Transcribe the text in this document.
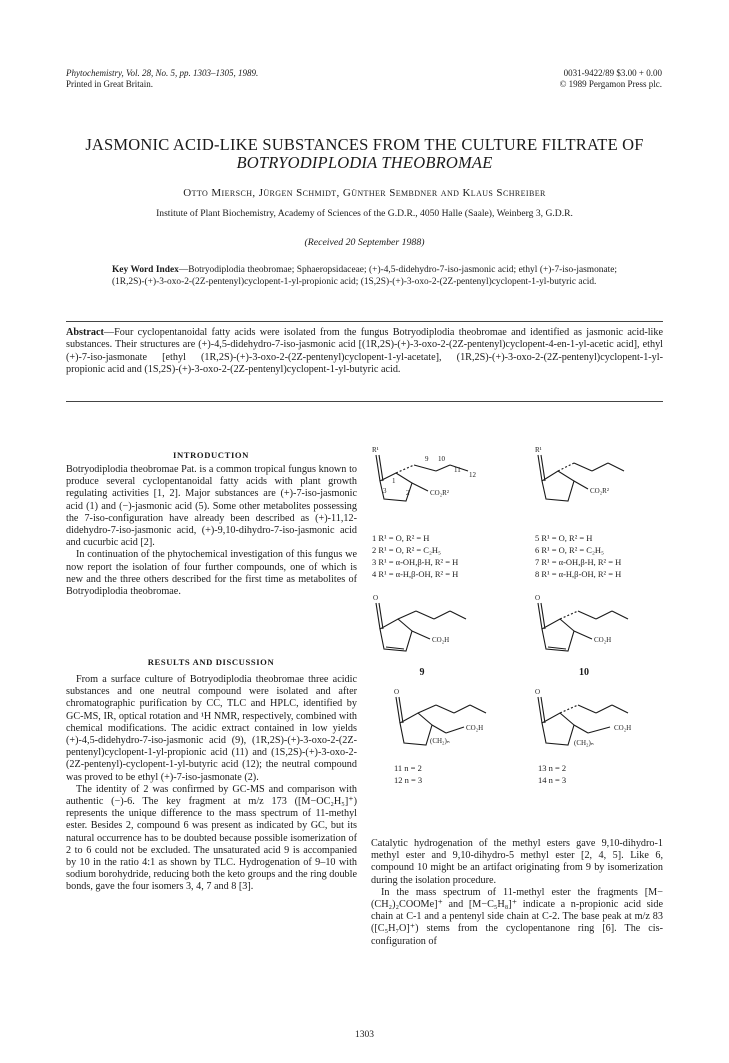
Phytochemistry, Vol. 28, No. 5, pp. 1303–1305, 1989.
Printed in Great Britain.
0031-9422/89 $3.00 + 0.00
© 1989 Pergamon Press plc.
JASMONIC ACID-LIKE SUBSTANCES FROM THE CULTURE FILTRATE OF
BOTRYODIPLODIA THEOBROMAE
Otto Miersch, Jürgen Schmidt, Günther Sembdner and Klaus Schreiber
Institute of Plant Biochemistry, Academy of Sciences of the G.D.R., 4050 Halle (Saale), Weinberg 3, G.D.R.
(Received 20 September 1988)
Key Word Index—Botryodiplodia theobromae; Sphaeropsidaceae; (+)-4,5-didehydro-7-iso-jasmonic acid; ethyl (+)-7-iso-jasmonate; (1R,2S)-(+)-3-oxo-2-(2Z-pentenyl)cyclopent-1-yl-propionic acid; (1S,2S)-(+)-3-oxo-2-(2Z-pentenyl)cyclopent-1-yl-butyric acid.
Abstract—Four cyclopentanoidal fatty acids were isolated from the fungus Botryodiplodia theobromae and identified as jasmonic acid-like substances. Their structures are (+)-4,5-didehydro-7-iso-jasmonic acid [(1R,2S)-(+)-3-oxo-2-(2Z-pentenyl)cyclopent-4-en-1-yl-acetic acid], ethyl (+)-7-iso-jasmonate [ethyl (1R,2S)-(+)-3-oxo-2-(2Z-pentenyl)cyclopent-1-yl-acetate], (1R,2S)-(+)-3-oxo-2-(2Z-pentenyl)cyclopent-1-yl-propionic acid and (1S,2S)-(+)-3-oxo-2-(2Z-pentenyl)cyclopent-1-yl-butyric acid.
INTRODUCTION

Botryodiplodia theobromae Pat. is a common tropical fungus known to produce several cyclopentanoidal fatty acids with plant growth regulating activities [1, 2]. Major substances are (+)-7-iso-jasmonic acid (1) and (−)-jasmonic acid (5). Some other metabolites possessing the 7-iso-configuration have already been described as (+)-11,12-didehydro-7-iso-jasmonic acid, (+)-9,10-dihydro-7-iso-jasmonic acid and cucurbic acid [2].

In continuation of the phytochemical investigation of this fungus we now report the isolation of four further compounds, one of which is new and the three others described for the first time as metabolites of Botryodiplodia theobromae.

RESULTS AND DISCUSSION

From a surface culture of Botryodiplodia theobromae three acidic substances and one neutral compound were isolated and after chromatographic purification by CC, TLC and HPLC, identified by GC-MS, IR, optical rotation and ¹H NMR, respectively, combined with chemical modifications. The acidic extract contained in low yields (+)-4,5-didehydro-7-iso-jasmonic acid (9), (1R,2S)-(+)-3-oxo-2-(2Z-pentenyl)cyclopent-1-yl-propionic acid (11) and (1S,2S)-(+)-3-oxo-2-(2Z-pentenyl)-cyclopent-1-yl-butyric acid (12); the neutral compound was proved to be ethyl (+)-7-iso-jasmonate (2).

The identity of 2 was confirmed by GC-MS and comparison with authentic (−)-6. The key fragment at m/z 173 ([M−OC₂H₅]⁺) represents the unique difference to the mass spectrum of 11-methyl ester. Besides 2, compound 6 was present as indicated by GC, but its natural occurrence has to be doubted because possible isomerization of 2 to 6 could not be excluded. The unsaturated acid 9 is accompanied by 10 in the ratio 4:1 as shown by TLC. Hydrogenation of 9–10 with sodium borohydride, reducing both the keto groups and the ring double bonds, gave the four isomers 3, 4, 7 and 8 [3].

R¹
CO₂R²
9 10
11
12
1
2
3
R¹
CO₂R²
1 R¹ = O, R² = H
2 R¹ = O, R² = C₂H₅
3 R¹ = α-OH,β-H, R² = H
4 R¹ = α-H,β-OH, R² = H
5 R¹ = O, R² = H
6 R¹ = O, R² = C₂H₅
7 R¹ = α-OH,β-H, R² = H
8 R¹ = α-H,β-OH, R² = H
O
CO₂H
9
O
CO₂H
10
O
CO₂H
(CH₂)ₙ
11 n = 2
12 n = 3
O
CO₂H
(CH₂)ₙ
13 n = 2
14 n = 3

Catalytic hydrogenation of the methyl esters gave 9,10-dihydro-1 methyl ester and 9,10-dihydro-5 methyl ester [2, 4, 5]. Like 6, compound 10 might be an artifact originating from 9 by isomerization during the isolation procedure.

In the mass spectrum of 11-methyl ester the fragments [M−(CH₂)₂COOMe]⁺ and [M−C₅H₈]⁺ indicate a n-propionic acid side chain at C-1 and a pentenyl side chain at C-2. The base peak at m/z 83 ([C₅H₇O]⁺) stems from the cyclopentanone ring [6]. The cis-configuration of

1303
